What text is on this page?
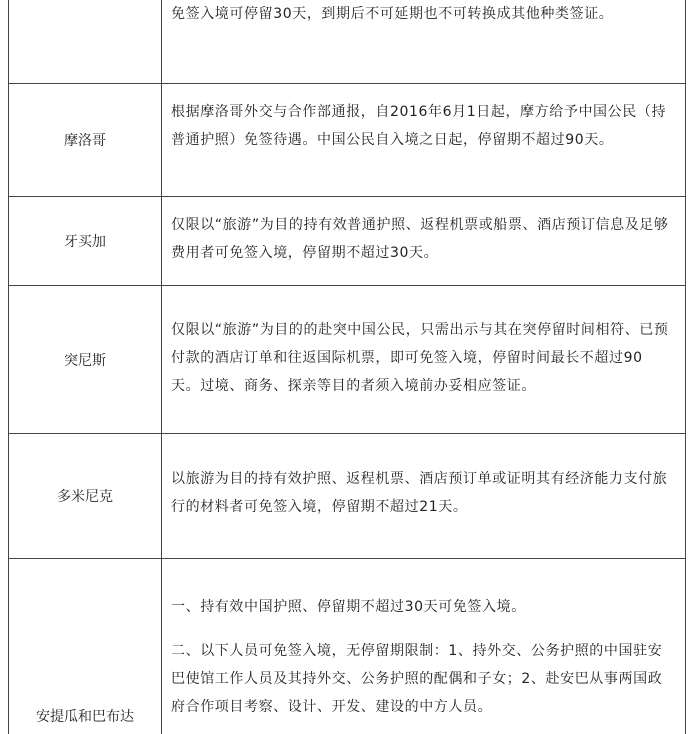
免签入境可停留30天，到期后不可延期也不可转换成其他种类签证。

摩洛哥

根据摩洛哥外交与合作部通报，自2016年6月1日起，摩方给予中国公民（持普通护照）免签待遇。中国公民自入境之日起，停留期不超过90天。

牙买加

仅限以“旅游”为目的持有效普通护照、返程机票或船票、酒店预订信息及足够费用者可免签入境，停留期不超过30天。

突尼斯

仅限以“旅游”为目的的赴突中国公民，只需出示与其在突停留时间相符、已预付款的酒店订单和往返国际机票，即可免签入境，停留时间最长不超过90天。过境、商务、探亲等目的者须入境前办妥相应签证。

多米尼克

以旅游为目的持有效护照、返程机票、酒店预订单或证明其有经济能力支付旅行的材料者可免签入境，停留期不超过21天。

安提瓜和巴布达

一、持有效中国护照、停留期不超过30天可免签入境。

二、以下人员可免签入境，无停留期限制：1、持外交、公务护照的中国驻安巴使馆工作人员及其持外交、公务护照的配偶和子女；2、赴安巴从事两国政府合作项目考察、设计、开发、建设的中方人员。
